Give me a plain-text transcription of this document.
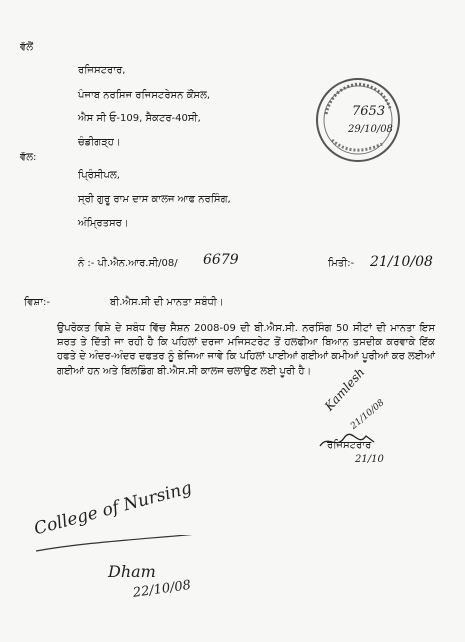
ਵੱਲੋਂ
ਰਜਿਸਟਰਾਰ,
ਪੰਜਾਬ ਨਰਸਿਜ ਰਜਿਸਟਰੇਸਨ ਕੌਂਸਲ,
ਐਸ ਸੀ ਓ-109, ਸੈਕਟਰ-40ਸੀ,
ਚੰਡੀਗੜ੍ਹ।
ਵੱਲ:
ਪ੍ਰਿੰਸੀਪਲ,
ਸ੍ਰੀ ਗੁਰੂ ਰਾਮ ਦਾਸ ਕਾਲਜ ਆਫ ਨਰਸਿੰਗ,
ਅੰਮ੍ਰਿਤਸਰ।
ਨੰ :- ਪੀ.ਐਨ.ਆਰ.ਸੀ/08/ 6679	ਮਿਤੀ:- 21/10/08
ਵਿਸ਼ਾ:-	ਬੀ.ਐਸ.ਸੀ ਦੀ ਮਾਨਤਾ ਸਬੰਧੀ।
ਉਪਰੋਕਤ ਵਿਸ਼ੇ ਦੇ ਸਬੰਧ ਵਿੱਚ ਸੈਸ਼ਨ 2008-09 ਦੀ ਬੀ.ਐਸ.ਸੀ. ਨਰਸਿੰਗ 50 ਸੀਟਾਂ ਦੀ ਮਾਨਤਾ ਇਸ ਸ਼ਰਤ ਤੇ ਦਿੱਤੀ ਜਾ ਰਹੀ ਹੈ ਕਿ ਪਹਿਲਾਂ ਦਰਜਾ ਮਜਿਸਟਰੇਟ ਤੋਂ ਹਲਫੀਆ ਬਿਆਨ ਤਸਦੀਕ ਕਰਵਾਕੇ ਇੱਕ ਹਫਤੇ ਦੇ ਅੰਦਰ-ਅੰਦਰ ਦਫਤਰ ਨੂੰ ਭੇਜਿਆ ਜਾਵੇ ਕਿ ਪਹਿਲਾਂ ਪਾਈਆਂ ਗਈਆਂ ਕਮੀਆਂ ਪੂਰੀਆਂ ਕਰ ਲਈਆਂ ਗਈਆਂ ਹਨ ਅਤੇ ਬਿਲਡਿੰਗ ਬੀ.ਐਸ.ਸੀ ਕਾਲਜ ਚਲਾਉਣ ਲਈ ਪੂਰੀ ਹੈ।
7653
29/10/08
Kamlesh
21/10/08
ਰਜਿਸਟਰਾਰ
21/10
College of Nursing
Dham
22/10/08
